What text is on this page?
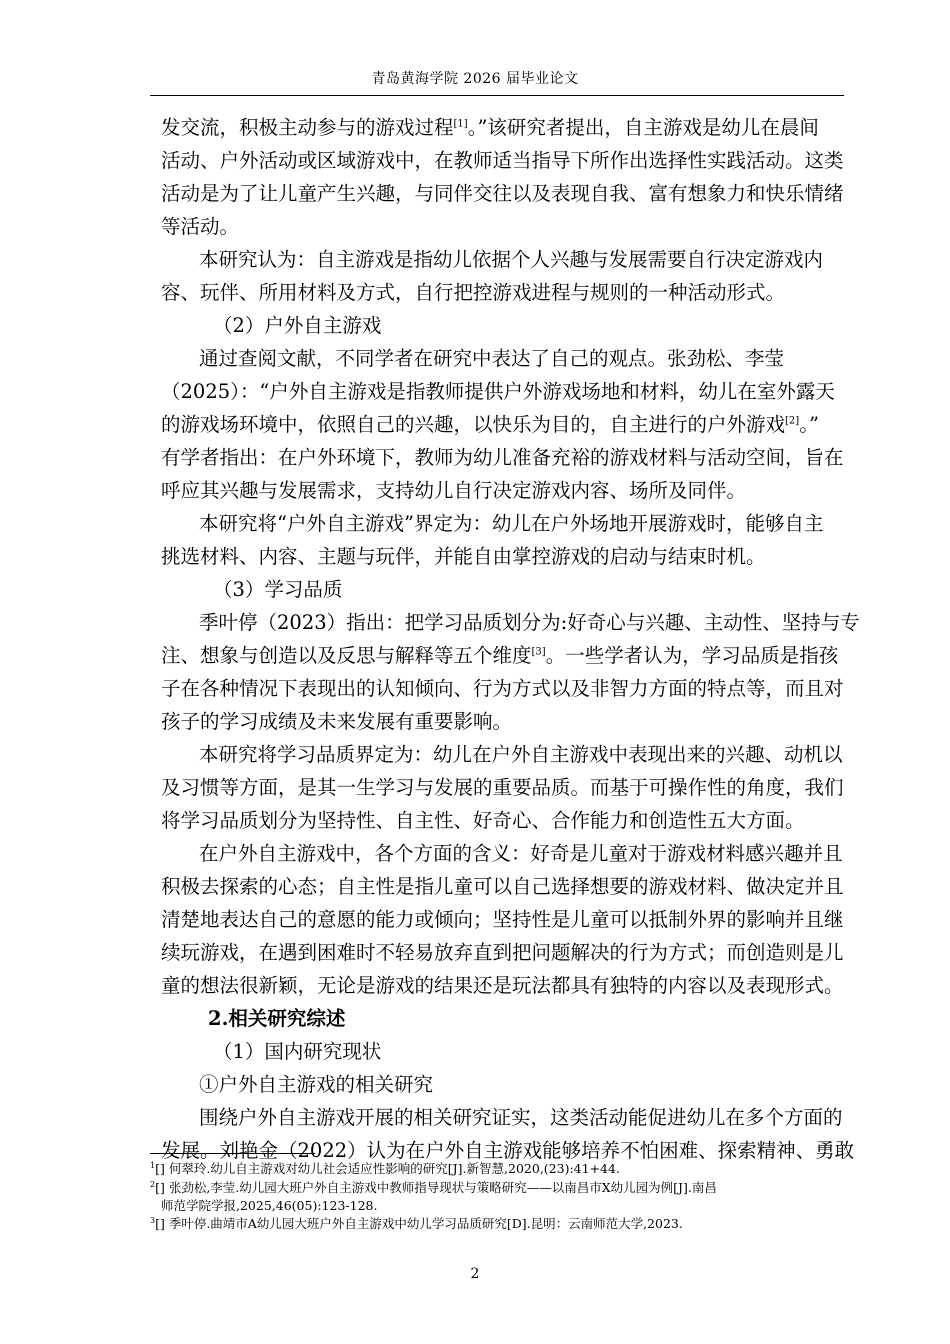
青岛黄海学院 2026 届毕业论文
发交流，积极主动参与的游戏过程[1]。”该研究者提出，自主游戏是幼儿在晨间
活动、户外活动或区域游戏中，在教师适当指导下所作出选择性实践活动。这类
活动是为了让儿童产生兴趣，与同伴交往以及表现自我、富有想象力和快乐情绪
等活动。
本研究认为：自主游戏是指幼儿依据个人兴趣与发展需要自行决定游戏内
容、玩伴、所用材料及方式，自行把控游戏进程与规则的一种活动形式。
（2）户外自主游戏
通过查阅文献，不同学者在研究中表达了自己的观点。张劲松、李莹
（2025）：“户外自主游戏是指教师提供户外游戏场地和材料，幼儿在室外露天
的游戏场环境中，依照自己的兴趣，以快乐为目的，自主进行的户外游戏[2]。”
有学者指出：在户外环境下，教师为幼儿准备充裕的游戏材料与活动空间，旨在
呼应其兴趣与发展需求，支持幼儿自行决定游戏内容、场所及同伴。
本研究将“户外自主游戏”界定为：幼儿在户外场地开展游戏时，能够自主
挑选材料、内容、主题与玩伴，并能自由掌控游戏的启动与结束时机。
（3）学习品质
季叶停（2023）指出：把学习品质划分为:好奇心与兴趣、主动性、坚持与专
注、想象与创造以及反思与解释等五个维度[3]。一些学者认为，学习品质是指孩
子在各种情况下表现出的认知倾向、行为方式以及非智力方面的特点等，而且对
孩子的学习成绩及未来发展有重要影响。
本研究将学习品质界定为：幼儿在户外自主游戏中表现出来的兴趣、动机以
及习惯等方面，是其一生学习与发展的重要品质。而基于可操作性的角度，我们
将学习品质划分为坚持性、自主性、好奇心、合作能力和创造性五大方面。
在户外自主游戏中，各个方面的含义：好奇是儿童对于游戏材料感兴趣并且
积极去探索的心态；自主性是指儿童可以自己选择想要的游戏材料、做决定并且
清楚地表达自己的意愿的能力或倾向；坚持性是儿童可以抵制外界的影响并且继
续玩游戏，在遇到困难时不轻易放弃直到把问题解决的行为方式；而创造则是儿
童的想法很新颖，无论是游戏的结果还是玩法都具有独特的内容以及表现形式。
2.相关研究综述
（1）国内研究现状
①户外自主游戏的相关研究
围绕户外自主游戏开展的相关研究证实，这类活动能促进幼儿在多个方面的
发展。刘艳金（2022）认为在户外自主游戏能够培养不怕困难、探索精神、勇敢
$^1$[] 何翠玲.幼儿自主游戏对幼儿社会适应性影响的研究[J].新智慧,2020,(23):41+44.
$^2$[] 张劲松,李莹.幼儿园大班户外自主游戏中教师指导现状与策略研究——以南昌市X幼儿园为例[J].南昌
师范学院学报,2025,46(05):123-128.
$^3$[] 季叶停.曲靖市A幼儿园大班户外自主游戏中幼儿学习品质研究[D].昆明：云南师范大学,2023.
2
